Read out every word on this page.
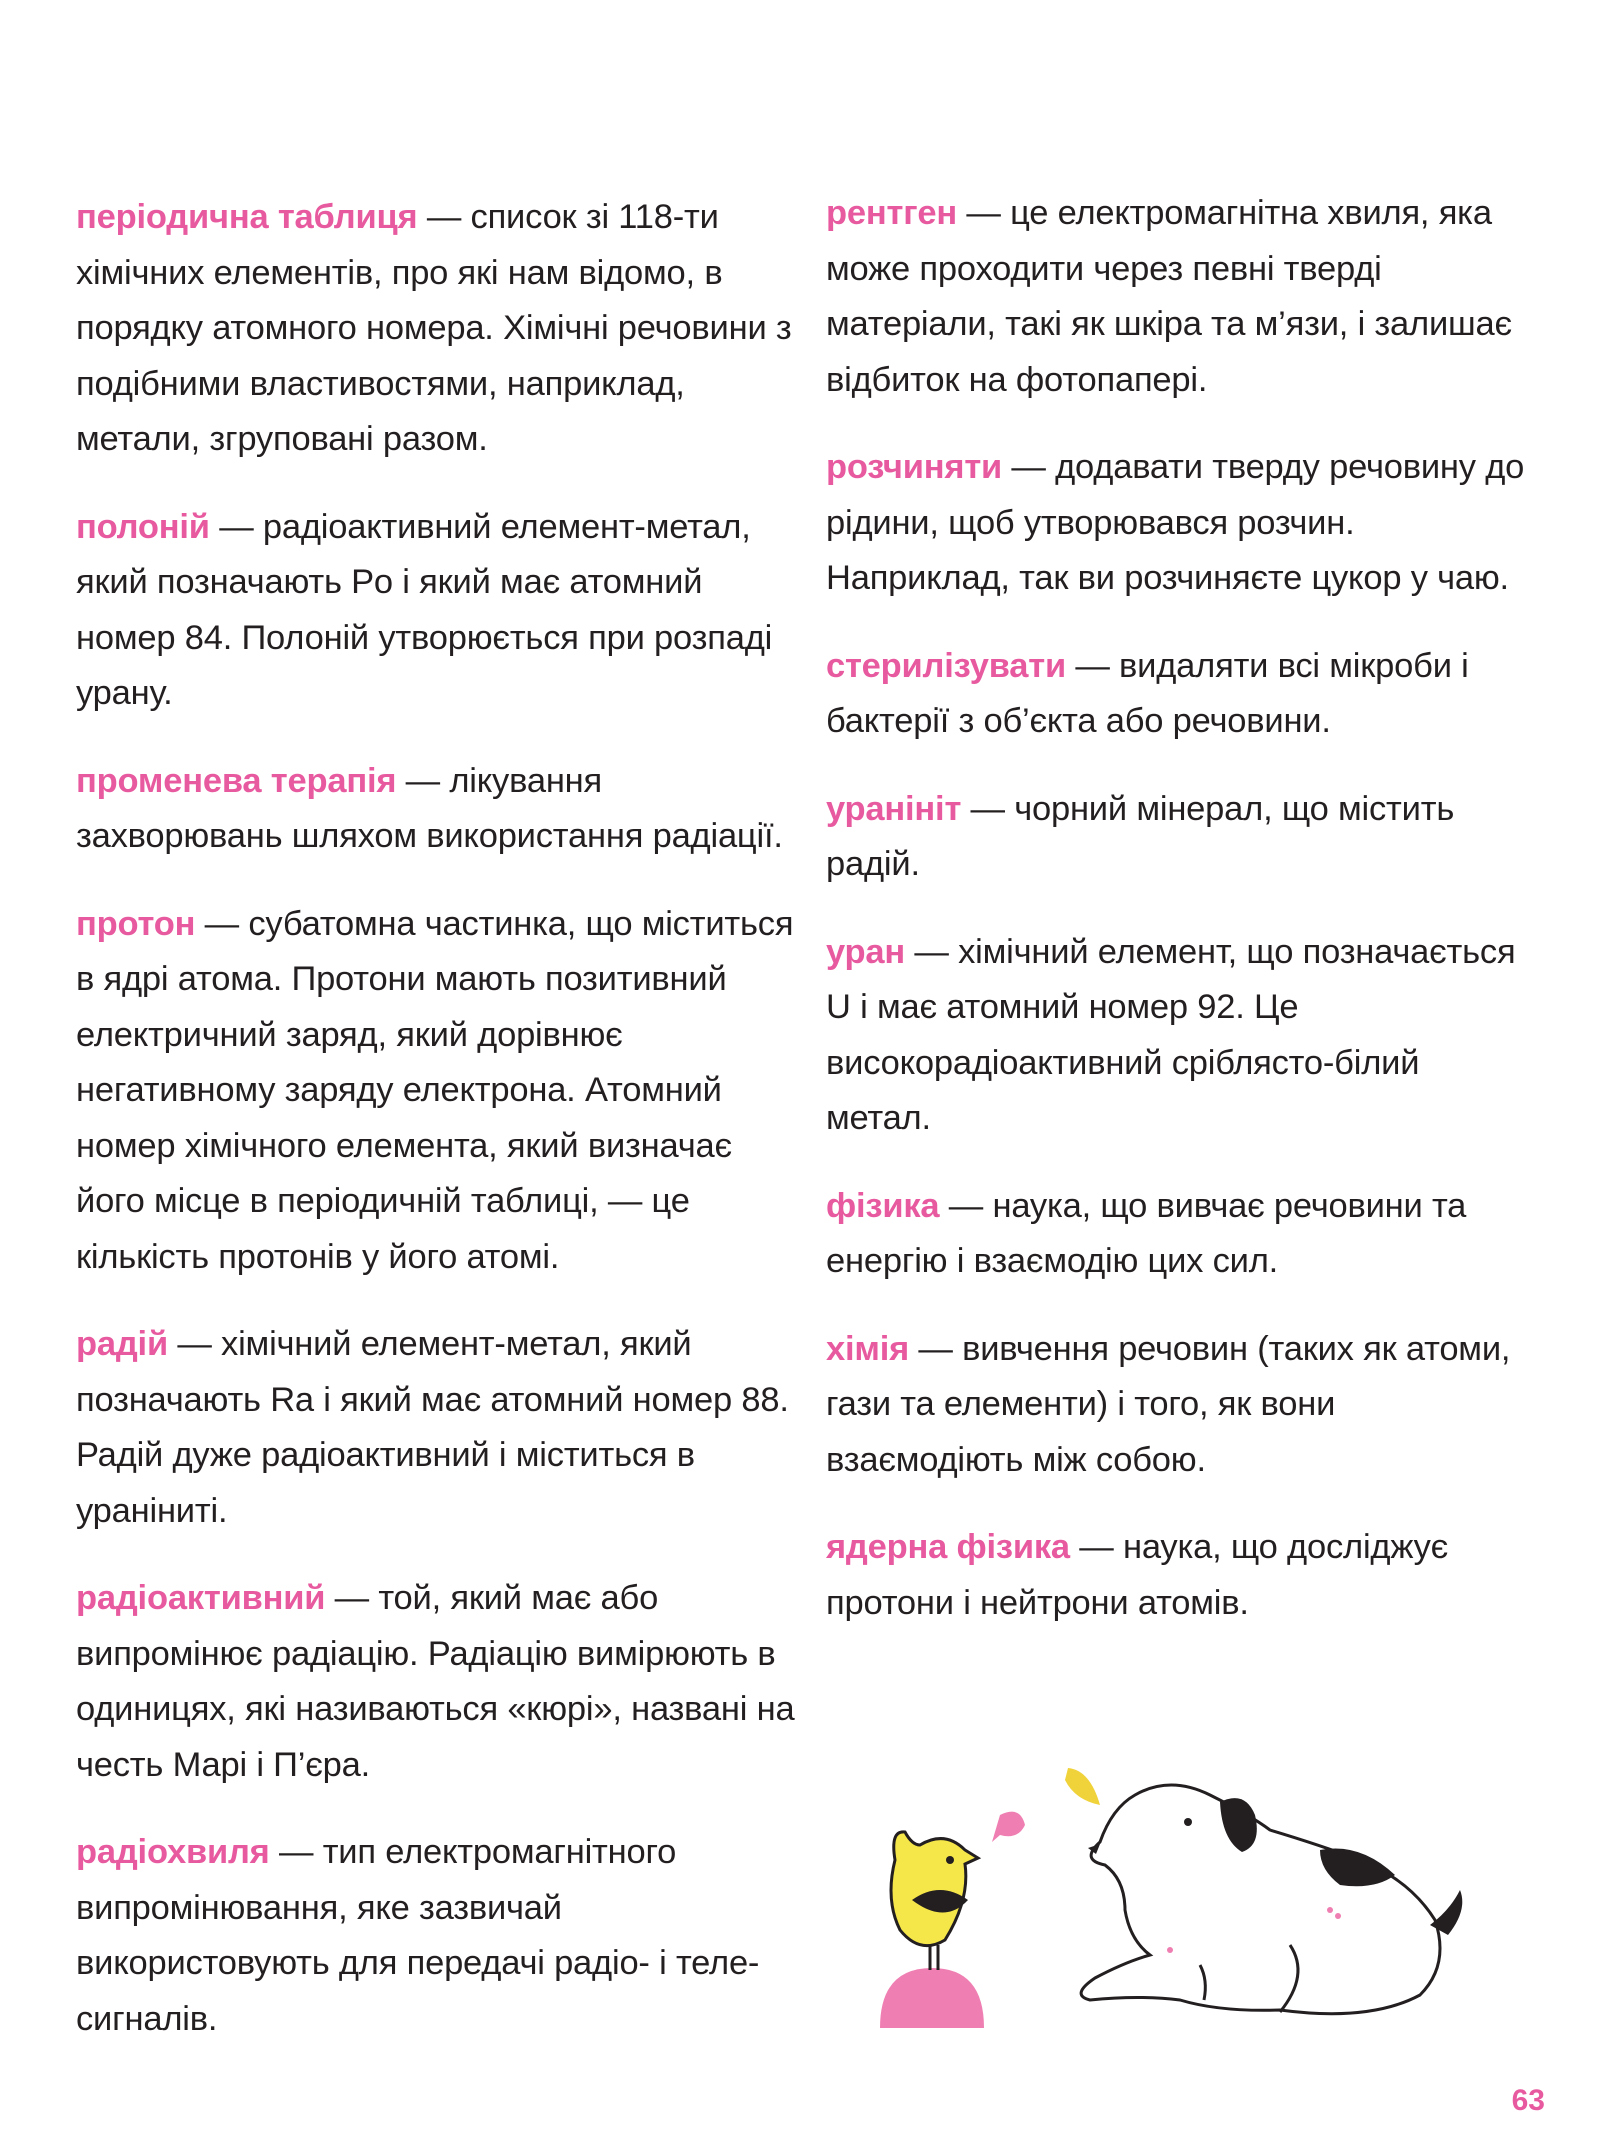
періодична таблиця — список зі 118-ти хімічних елементів, про які нам відомо, в порядку атомного номера. Хімічні речовини з подібними властивостями, наприклад, метали, згруповані разом.

полоній — радіоактивний елемент-метал, який позначають Po і який має атомний номер 84. Полоній утворюється при розпаді урану.

променева терапія — лікування захворювань шляхом використання радіації.

протон — субатомна частинка, що міститься в ядрі атома. Протони мають позитивний електричний заряд, який дорівнює негативному заряду електрона. Атомний номер хімічного елемента, який визначає його місце в періодичній таблиці, — це кількість протонів у його атомі.

радій — хімічний елемент-метал, який позначають Ra і який має атомний номер 88. Радій дуже радіоактивний і міститься в ураніниті.

радіоактивний — той, який має або випромінює радіацію. Радіацію вимірюють в одиницях, які називаються «кюрі», названі на честь Марі і П’єра.

радіохвиля — тип електромагнітного випромінювання, яке зазвичай використовують для передачі радіо- і теле- сигналів.

рентген — це електромагнітна хвиля, яка може проходити через певні тверді матеріали, такі як шкіра та м’язи, і залишає відбиток на фотопапері.

розчиняти — додавати тверду речовину до рідини, щоб утворювався розчин. Наприклад, так ви розчиняєте цукор у чаю.

стерилізувати — видаляти всі мікроби і бактерії з об’єкта або речовини.

уранініт — чорний мінерал, що містить радій.

уран — хімічний елемент, що позначається U і має атомний номер 92. Це високорадіоактивний сріблясто-білий метал.

фізика — наука, що вивчає речовини та енергію і взаємодію цих сил.

хімія — вивчення речовин (таких як атоми, гази та елементи) і того, як вони взаємодіють між собою.

ядерна фізика — наука, що досліджує протони і нейтрони атомів.

63
